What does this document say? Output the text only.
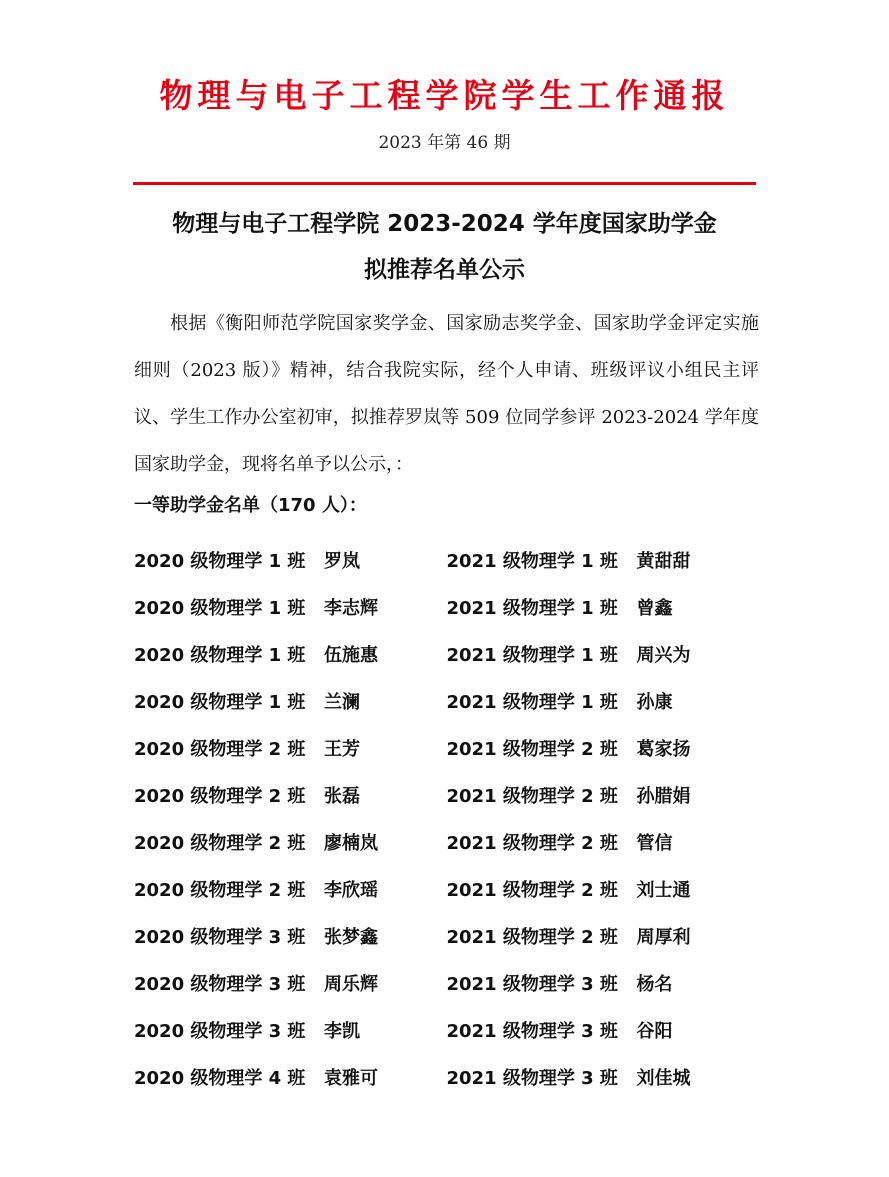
物理与电子工程学院学生工作通报
2023 年第 46 期
物理与电子工程学院 2023-2024 学年度国家助学金
拟推荐名单公示
根据《衡阳师范学院国家奖学金、国家励志奖学金、国家助学金评定实施细则（2023 版）》精神，结合我院实际，经个人申请、班级评议小组民主评议、学生工作办公室初审，拟推荐罗岚等 509 位同学参评 2023-2024 学年度国家助学金，现将名单予以公示，：
一等助学金名单（170 人）：
2020 级物理学 1 班	罗岚	2021 级物理学 1 班	黄甜甜
2020 级物理学 1 班	李志辉	2021 级物理学 1 班	曾鑫
2020 级物理学 1 班	伍施惠	2021 级物理学 1 班	周兴为
2020 级物理学 1 班	兰澜	2021 级物理学 1 班	孙康
2020 级物理学 2 班	王芳	2021 级物理学 2 班	葛家扬
2020 级物理学 2 班	张磊	2021 级物理学 2 班	孙腊娟
2020 级物理学 2 班	廖楠岚	2021 级物理学 2 班	管信
2020 级物理学 2 班	李欣瑶	2021 级物理学 2 班	刘士通
2020 级物理学 3 班	张梦鑫	2021 级物理学 2 班	周厚利
2020 级物理学 3 班	周乐辉	2021 级物理学 3 班	杨名
2020 级物理学 3 班	李凯	2021 级物理学 3 班	谷阳
2020 级物理学 4 班	袁雅可	2021 级物理学 3 班	刘佳城
